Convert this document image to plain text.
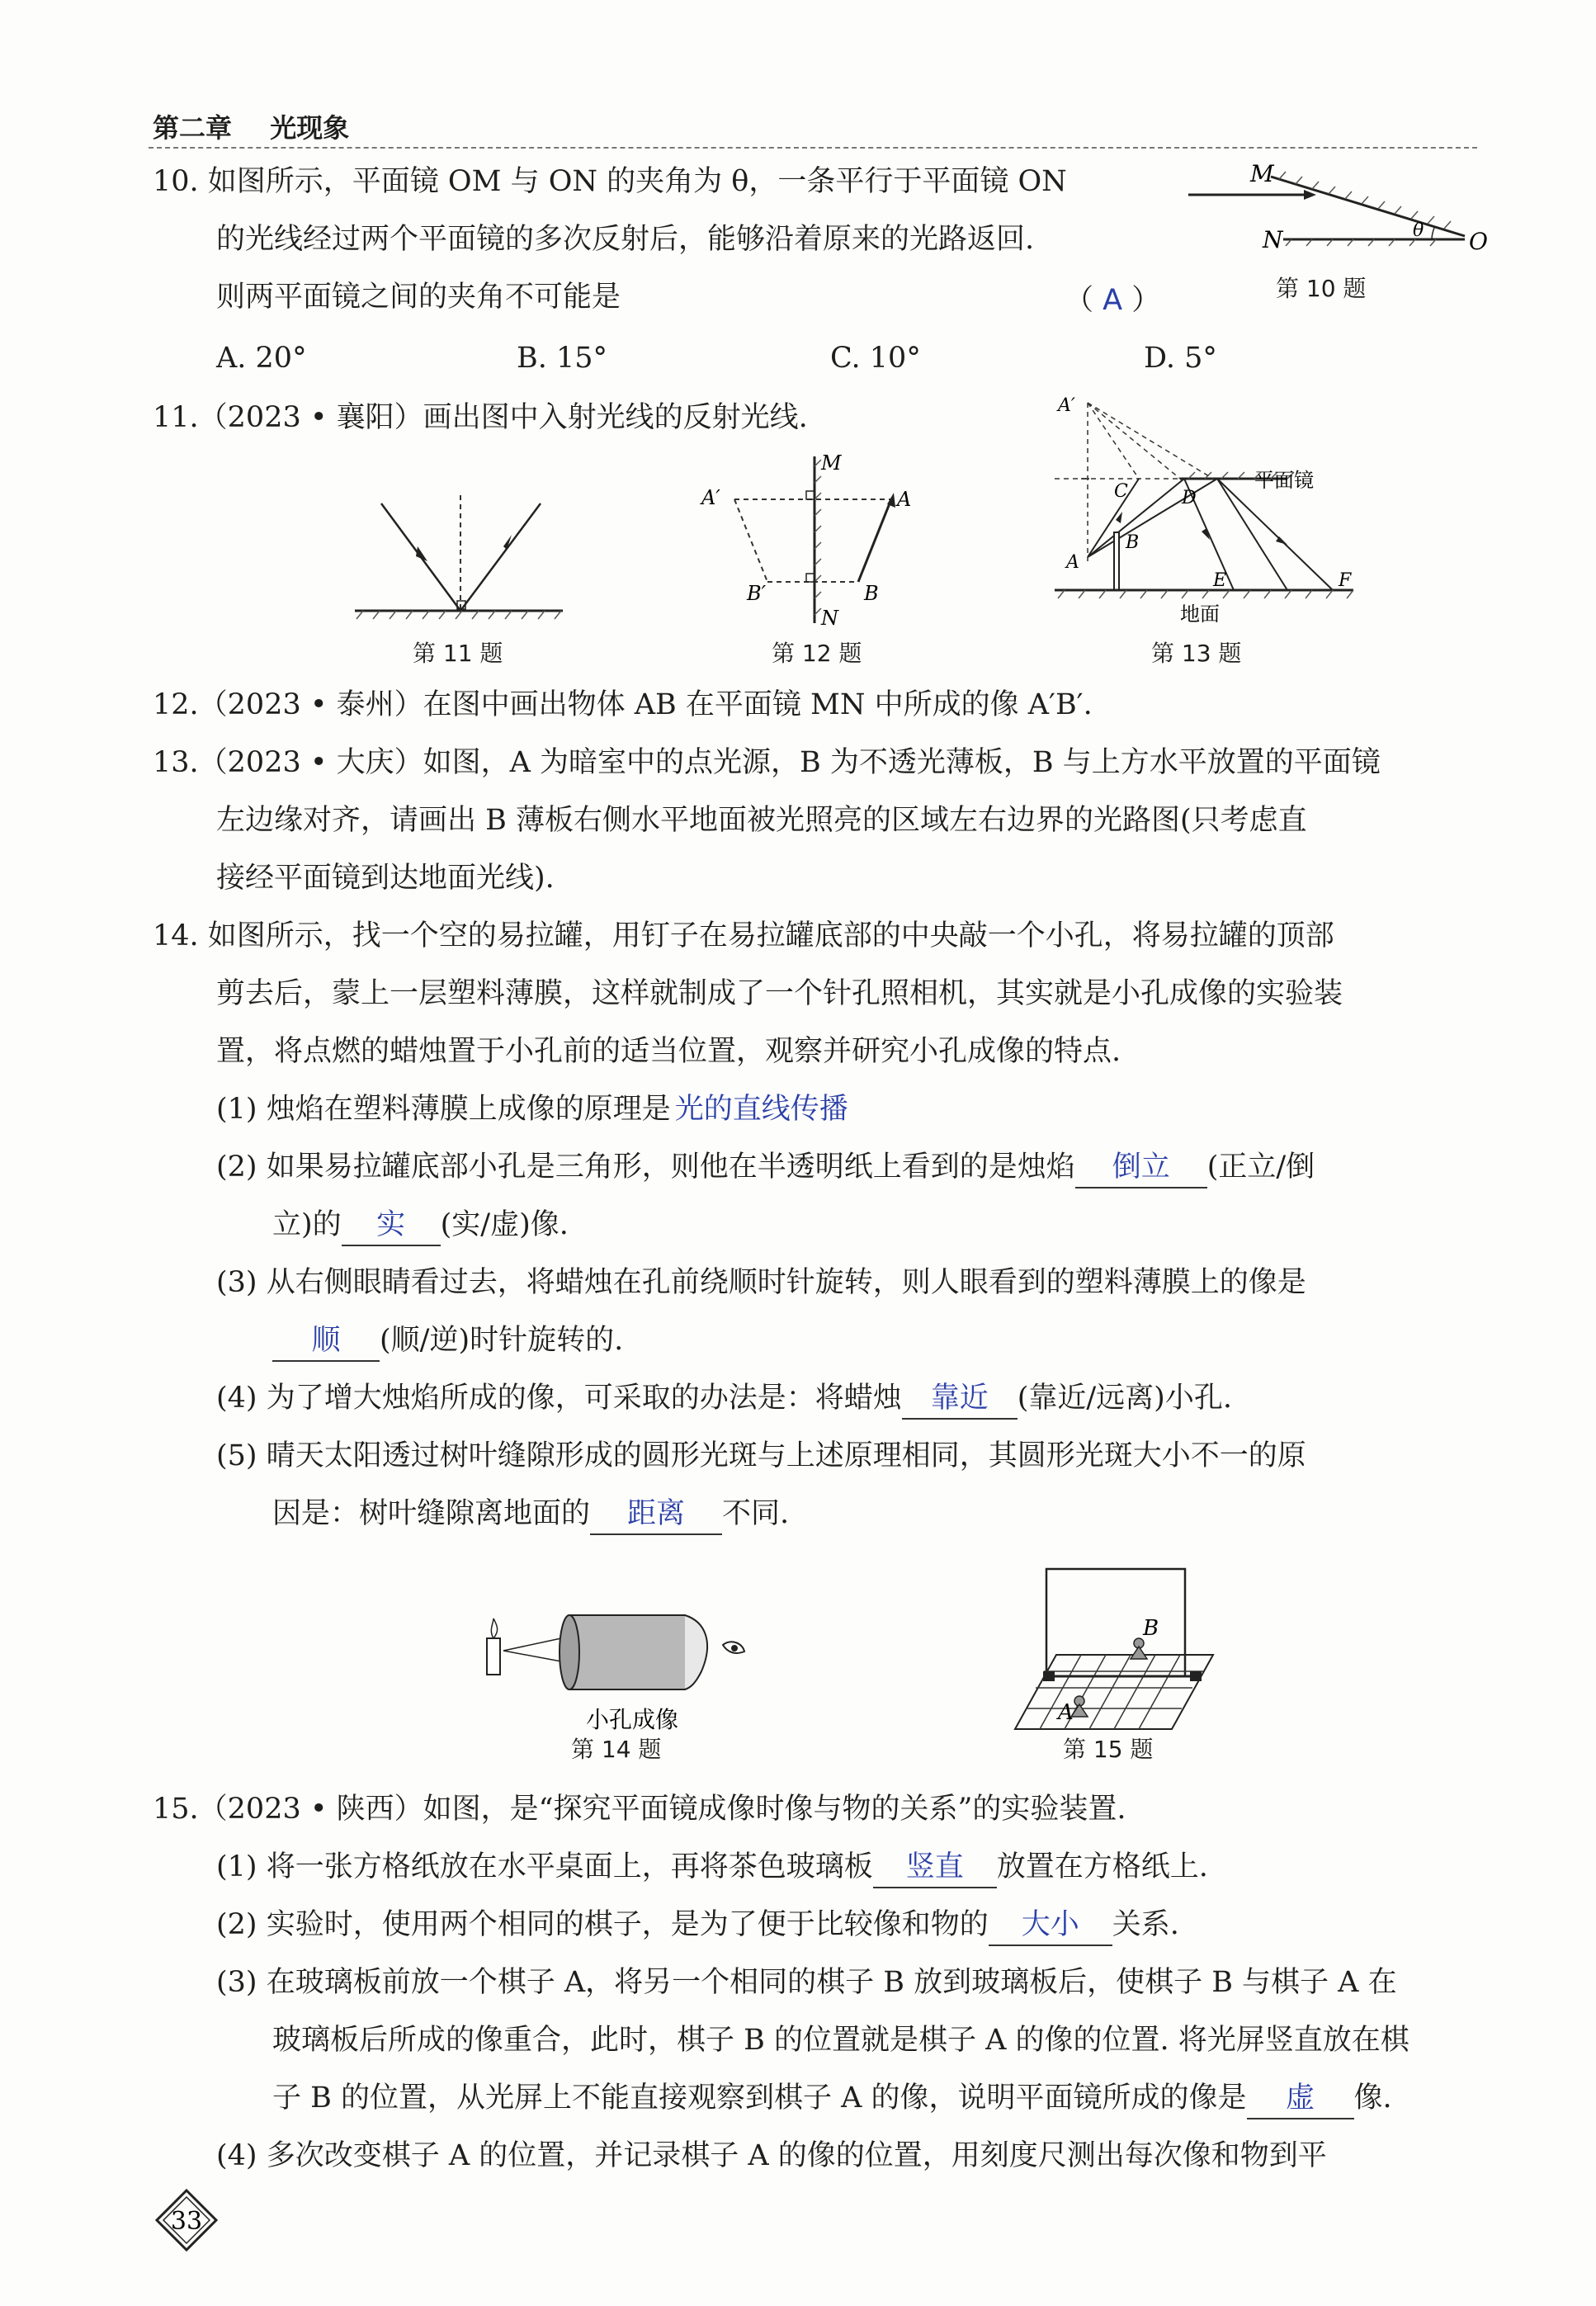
第二章 光现象
10. 如图所示，平面镜 OM 与 ON 的夹角为 θ，一条平行于平面镜 ON
的光线经过两个平面镜的多次反射后，能够沿着原来的光路返回.
则两平面镜之间的夹角不可能是	（ A ）
A. 20°	B. 15°	C. 10°	D. 5°
M
N	O
θ
第 10 题
11.（2023 • 襄阳）画出图中入射光线的反射光线.
第 11 题
M
N
A
B
A′
B′
第 12 题
A′
C	D
A
B
E	F
平面镜
地面
第 13 题
12.（2023 • 泰州）在图中画出物体 AB 在平面镜 MN 中所成的像 A′B′.
13.（2023 • 大庆）如图，A 为暗室中的点光源，B 为不透光薄板，B 与上方水平放置的平面镜
左边缘对齐，请画出 B 薄板右侧水平地面被光照亮的区域左右边界的光路图(只考虑直
接经平面镜到达地面光线).
14. 如图所示，找一个空的易拉罐，用钉子在易拉罐底部的中央敲一个小孔，将易拉罐的顶部
剪去后，蒙上一层塑料薄膜，这样就制成了一个针孔照相机，其实就是小孔成像的实验装
置，将点燃的蜡烛置于小孔前的适当位置，观察并研究小孔成像的特点.
(1) 烛焰在塑料薄膜上成像的原理是 光的直线传播
(2) 如果易拉罐底部小孔是三角形，则他在半透明纸上看到的是烛焰 倒立 (正立/倒
立)的 实 (实/虚)像.
(3) 从右侧眼睛看过去，将蜡烛在孔前绕顺时针旋转，则人眼看到的塑料薄膜上的像是
顺 (顺/逆)时针旋转的.
(4) 为了增大烛焰所成的像，可采取的办法是：将蜡烛 靠近 (靠近/远离)小孔.
(5) 晴天太阳透过树叶缝隙形成的圆形光斑与上述原理相同，其圆形光斑大小不一的原
因是：树叶缝隙离地面的 距离 不同.
小孔成像
第 14 题
B
A
第 15 题
15.（2023 • 陕西）如图，是“探究平面镜成像时像与物的关系”的实验装置.
(1) 将一张方格纸放在水平桌面上，再将茶色玻璃板 竖直 放置在方格纸上.
(2) 实验时，使用两个相同的棋子，是为了便于比较像和物的 大小 关系.
(3) 在玻璃板前放一个棋子 A，将另一个相同的棋子 B 放到玻璃板后，使棋子 B 与棋子 A 在
玻璃板后所成的像重合，此时，棋子 B 的位置就是棋子 A 的像的位置. 将光屏竖直放在棋
子 B 的位置，从光屏上不能直接观察到棋子 A 的像，说明平面镜所成的像是 虚 像.
(4) 多次改变棋子 A 的位置，并记录棋子 A 的像的位置，用刻度尺测出每次像和物到平
33
